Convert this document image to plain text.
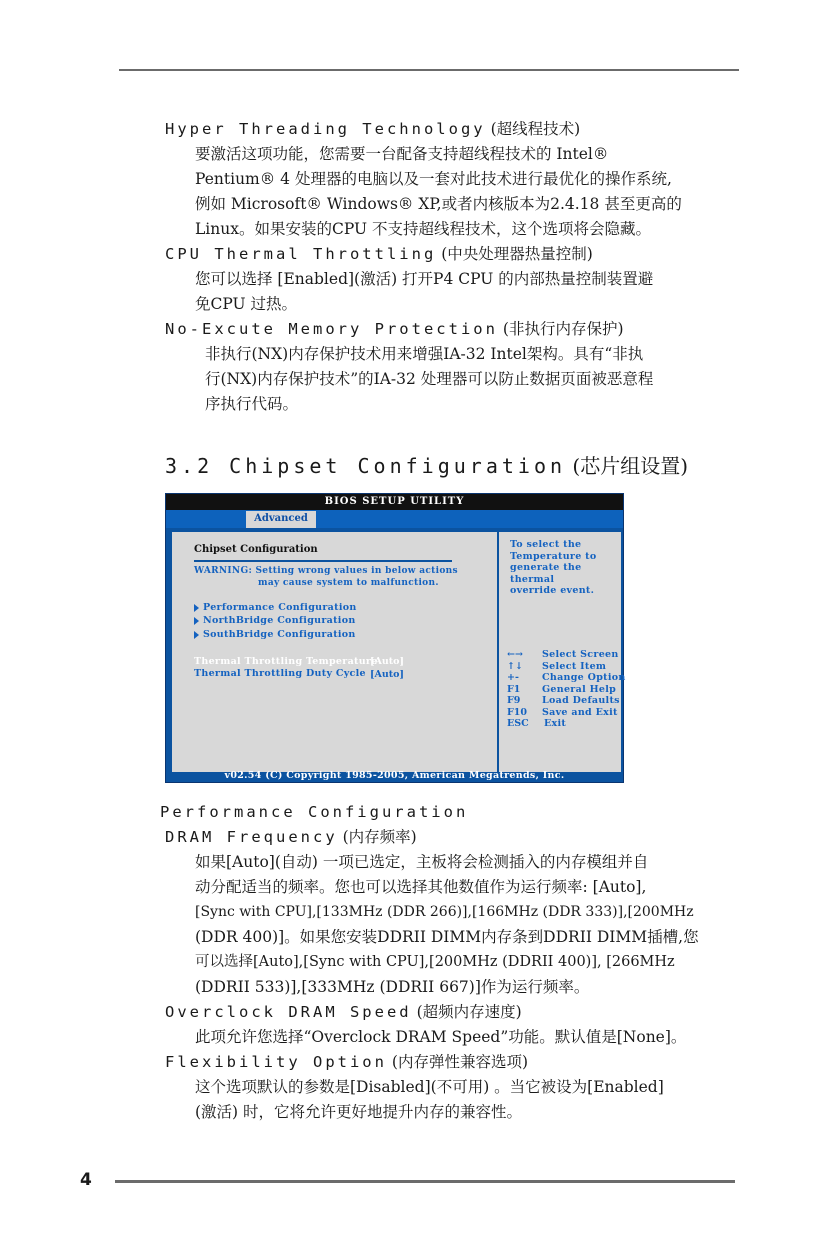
Hyper Threading Technology (超线程技术)
要激活这项功能，您需要一台配备支持超线程技术的 Intel®
Pentium® 4 处理器的电脑以及一套对此技术进行最优化的操作系统,
例如 Microsoft® Windows® XP,或者内核版本为2.4.18 甚至更高的
Linux。如果安装的CPU 不支持超线程技术，这个选项将会隐藏。
CPU Thermal Throttling (中央处理器热量控制)
您可以选择 [Enabled](激活) 打开P4 CPU 的内部热量控制装置避
免CPU 过热。
No-Excute Memory Protection (非执行内存保护)
非执行(NX)内存保护技术用来增强IA-32 Intel架构。具有“非执
行(NX)内存保护技术”的IA-32 处理器可以防止数据页面被恶意程
序执行代码。
3.2 Chipset Configuration (芯片组设置)
BIOS SETUP UTILITY
Advanced
Chipset Configuration
WARNING: Setting wrong values in below actions
may cause system to malfunction.
Performance Configuration
NorthBridge Configuration
SouthBridge Configuration
Thermal Throttling Temperature
[Auto]
Thermal Throttling Duty Cycle [Auto]
To select the
Temperature to
generate the thermal
override event.
←→ Select Screen
↑↓ Select Item
+- Change Option
F1 General Help
F9 Load Defaults
F10 Save and Exit
ESC Exit
v02.54 (C) Copyright 1985-2005, American Megatrends, Inc.
Performance Configuration
DRAM Frequency (内存频率)
如果[Auto](自动) 一项已选定，主板将会检测插入的内存模组并自
动分配适当的频率。您也可以选择其他数值作为运行频率: [Auto],
[Sync with CPU],[133MHz (DDR 266)],[166MHz (DDR 333)],[200MHz
(DDR 400)]。如果您安装DDRII DIMM内存条到DDRII DIMM插槽,您
可以选择[Auto],[Sync with CPU],[200MHz (DDRII 400)], [266MHz
(DDRII 533)],[333MHz (DDRII 667)]作为运行频率。
Overclock DRAM Speed (超频内存速度)
此项允许您选择“Overclock DRAM Speed”功能。默认值是[None]。
Flexibility Option (内存弹性兼容选项)
这个选项默认的参数是[Disabled](不可用) 。当它被设为[Enabled]
(激活) 时，它将允许更好地提升内存的兼容性。
4
